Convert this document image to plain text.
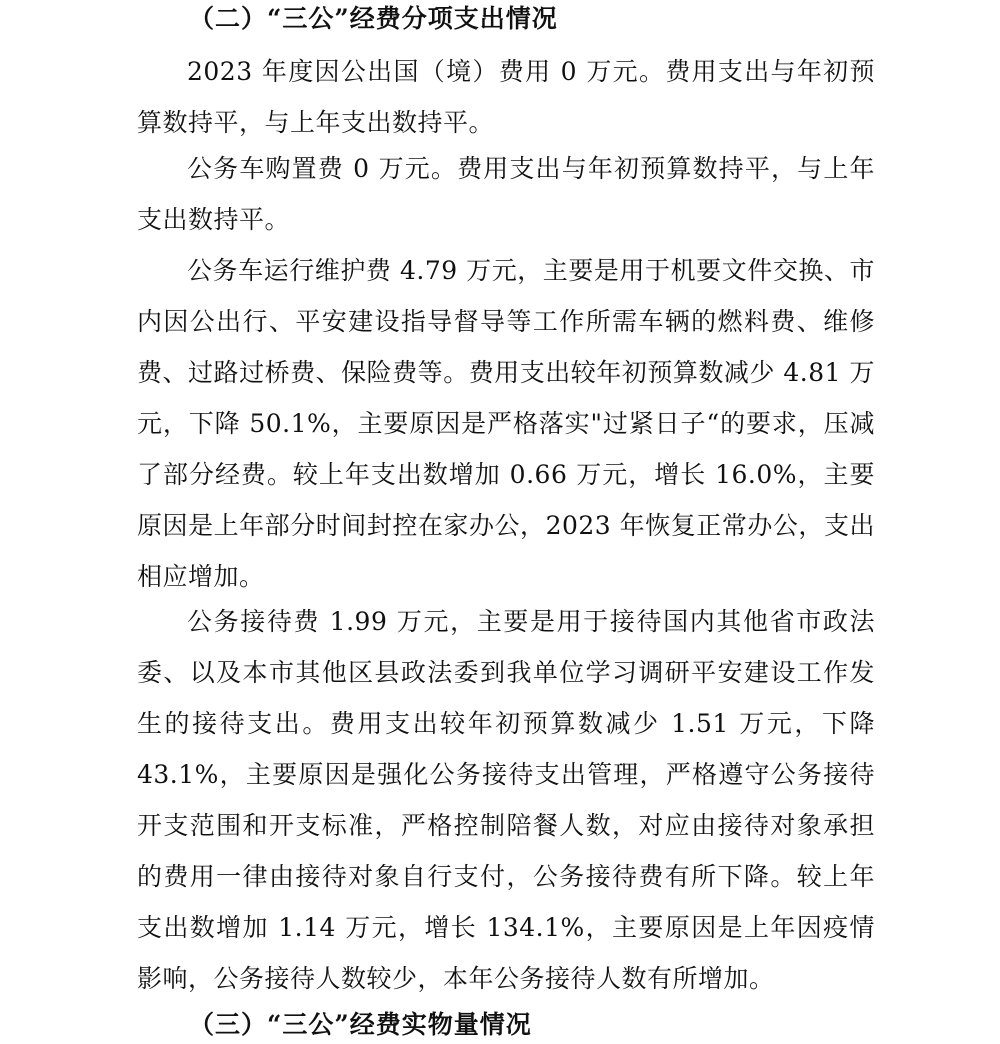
（二）“三公”经费分项支出情况

2023 年度因公出国（境）费用 0 万元。费用支出与年初预算数持平，与上年支出数持平。

公务车购置费 0 万元。费用支出与年初预算数持平，与上年支出数持平。

公务车运行维护费 4.79 万元，主要是用于机要文件交换、市内因公出行、平安建设指导督导等工作所需车辆的燃料费、维修费、过路过桥费、保险费等。费用支出较年初预算数减少 4.81 万元，下降 50.1%，主要原因是严格落实"过紧日子“的要求，压减了部分经费。较上年支出数增加 0.66 万元，增长 16.0%，主要原因是上年部分时间封控在家办公，2023 年恢复正常办公，支出相应增加。

公务接待费 1.99 万元，主要是用于接待国内其他省市政法委、以及本市其他区县政法委到我单位学习调研平安建设工作发生的接待支出。费用支出较年初预算数减少 1.51 万元，下降 43.1%，主要原因是强化公务接待支出管理，严格遵守公务接待开支范围和开支标准，严格控制陪餐人数，对应由接待对象承担的费用一律由接待对象自行支付，公务接待费有所下降。较上年支出数增加 1.14 万元，增长 134.1%，主要原因是上年因疫情影响，公务接待人数较少，本年公务接待人数有所增加。

（三）“三公”经费实物量情况
